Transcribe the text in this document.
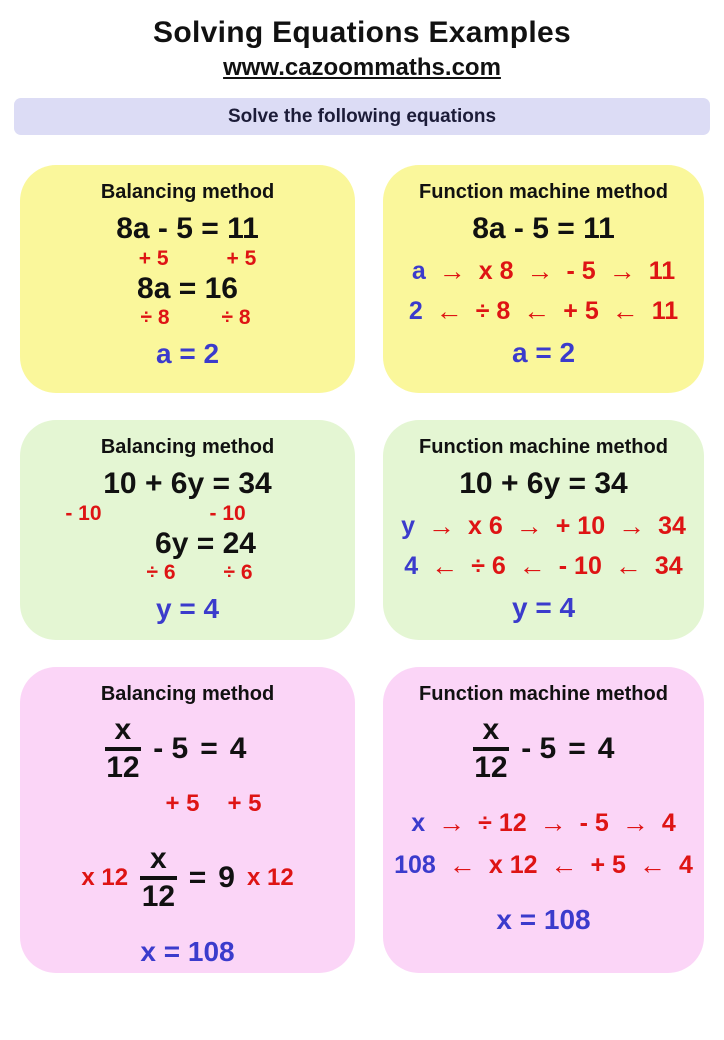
Solving Equations Examples
www.cazoommaths.com
Solve the following equations
Balancing method
8a - 5 = 11
+ 5	+ 5
8a = 16
÷ 8 ÷ 8
a = 2
Function machine method
8a - 5 = 11
a → x 8 → - 5 → 11
2 ← ÷ 8 ← + 5 ← 11
a = 2
Balancing method
10 + 6y = 34
- 10	- 10
6y = 24
÷ 6 ÷ 6
y = 4
Function machine method
10 + 6y = 34
y → x 6 → + 10 → 34
4 ← ÷ 6 ← - 10 ← 34
y = 4
Balancing method
$\frac{x}{12} - 5 = 4$
+ 5 + 5
x $12 \frac{x}{12} = 9$ x 12
x = 108
Function machine method
$\frac{x}{12} - 5 = 4$
x → ÷ 12 → - 5 → 4
108 ← x 12 ← + 5 ← 4
x = 108
